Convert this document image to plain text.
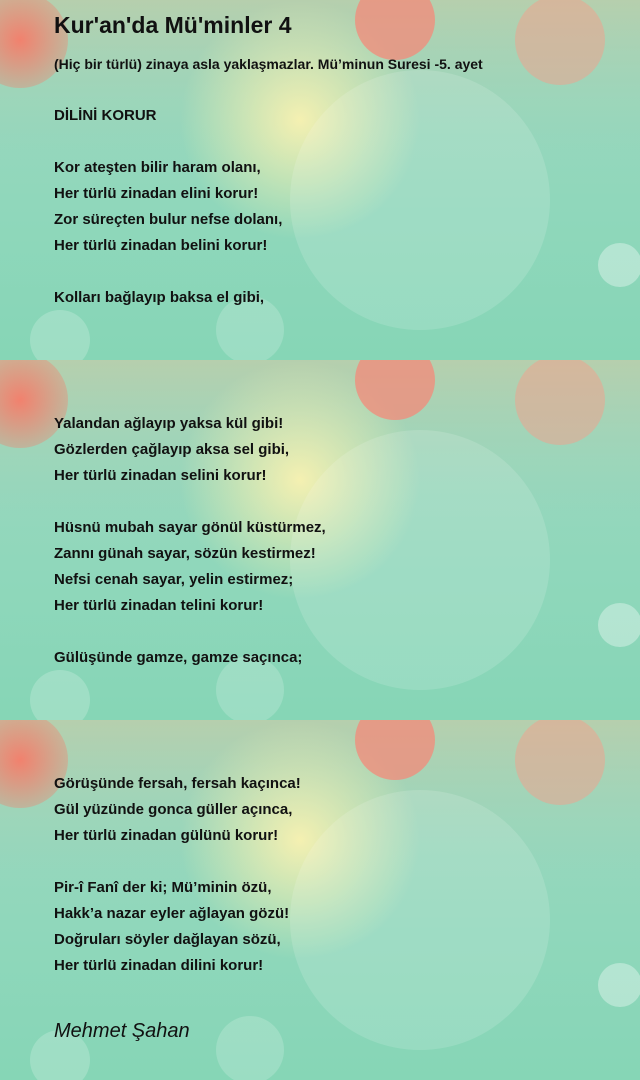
Kur'an'da Mü'minler 4
(Hiç bir türlü) zinaya asla yaklaşmazlar. Mü’minun Suresi -5. ayet
DİLİNİ KORUR
Kor ateşten bilir haram olanı,
Her türlü zinadan elini korur!
Zor süreçten bulur nefse dolanı,
Her türlü zinadan belini korur!
Kolları bağlayıp baksa el gibi,
Yalandan ağlayıp yaksa kül gibi!
Gözlerden çağlayıp aksa sel gibi,
Her türlü zinadan selini korur!
Hüsnü mubah sayar gönül küstürmez,
Zannı günah sayar, sözün kestirmez!
Nefsi cenah sayar, yelin estirmez;
Her türlü zinadan telini korur!
Gülüşünde gamze, gamze saçınca;
Görüşünde fersah, fersah kaçınca!
Gül yüzünde gonca güller açınca,
Her türlü zinadan gülünü korur!
Pir-î Fanî der ki; Mü’minin özü,
Hakk’a nazar eyler ağlayan gözü!
Doğruları söyler dağlayan sözü,
Her türlü zinadan dilini korur!
Mehmet Şahan
